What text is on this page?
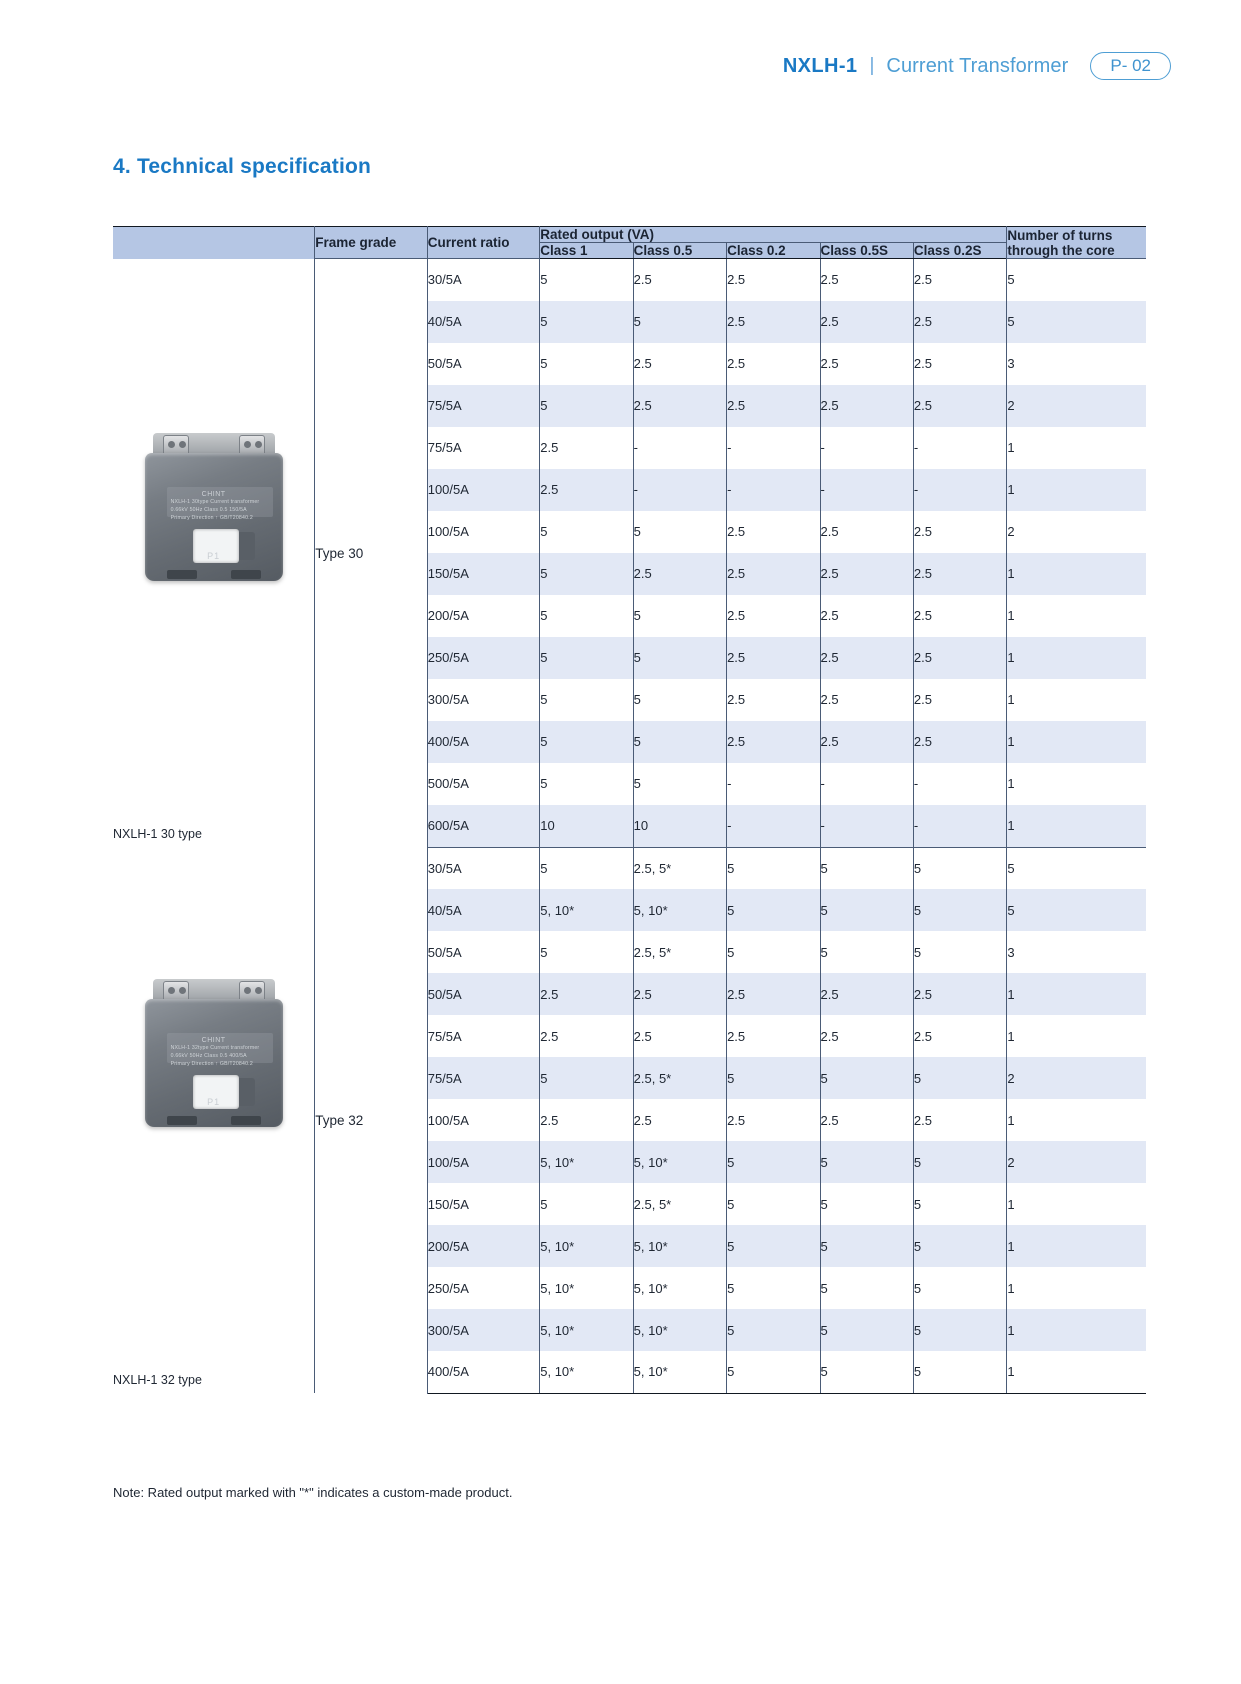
NXLH-1 | Current Transformer	P- 02
4. Technical specification
	Frame grade	Current ratio	Rated output (VA)					Number of turns through the core
			Class 1	Class 0.5	Class 0.2	Class 0.5S	Class 0.2S	

CHINT
NXLH-1 30type Current transformer
0.66kV 50Hz Class 0.5 150/5A
Primary Direction ↑ GB/T20840.2
P1
NXLH-1 30 type

Type 30
	30/5A	5	2.5	2.5	2.5	2.5	5
		40/5A	5	5	2.5	2.5	2.5	5
		50/5A	5	2.5	2.5	2.5	2.5	3
		75/5A	5	2.5	2.5	2.5	2.5	2
		75/5A	2.5	-	-	-	-	1
		100/5A	2.5	-	-	-	-	1
		100/5A	5	5	2.5	2.5	2.5	2
		150/5A	5	2.5	2.5	2.5	2.5	1
		200/5A	5	5	2.5	2.5	2.5	1
		250/5A	5	5	2.5	2.5	2.5	1
		300/5A	5	5	2.5	2.5	2.5	1
		400/5A	5	5	2.5	2.5	2.5	1
		500/5A	5	5	-	-	-	1
		600/5A	10	10	-	-	-	1

CHINT
NXLH-1 32type Current transformer
0.66kV 50Hz Class 0.5 400/5A
Primary Direction ↑ GB/T20840.2
P1
NXLH-1 32 type

Type 32
	30/5A	5	2.5, 5*	5	5	5	5
		40/5A	5, 10*	5, 10*	5	5	5	5
		50/5A	5	2.5, 5*	5	5	5	3
		50/5A	2.5	2.5	2.5	2.5	2.5	1
		75/5A	2.5	2.5	2.5	2.5	2.5	1
		75/5A	5	2.5, 5*	5	5	5	2
		100/5A	2.5	2.5	2.5	2.5	2.5	1
		100/5A	5, 10*	5, 10*	5	5	5	2
		150/5A	5	2.5, 5*	5	5	5	1
		200/5A	5, 10*	5, 10*	5	5	5	1
		250/5A	5, 10*	5, 10*	5	5	5	1
		300/5A	5, 10*	5, 10*	5	5	5	1
		400/5A	5, 10*	5, 10*	5	5	5	1
Note: Rated output marked with "*" indicates a custom-made product.
